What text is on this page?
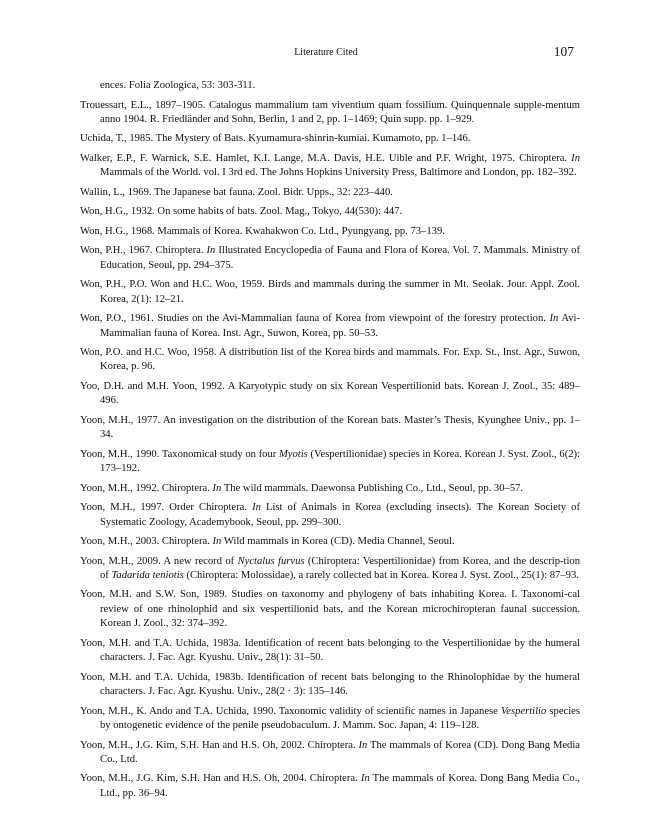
Literature Cited	107
ences. Folia Zoologica, 53: 303-311.
Trouessart, E.L., 1897–1905. Catalogus mammalium tam viventium quam fossilium. Quinquennale supple-mentum anno 1904. R. Friedländer and Sohn, Berlin, 1 and 2, pp. 1–1469; Quin supp. pp. 1–929.
Uchida, T., 1985. The Mystery of Bats. Kyumamura-shinrin-kumiai. Kumamoto, pp. 1–146.
Walker, E.P., F. Warnick, S.E. Hamlet, K.I. Lange, M.A. Davis, H.E. Uible and P.F. Wright, 1975. Chiroptera. In Mammals of the World. vol. I 3rd ed. The Johns Hopkins University Press, Baltimore and London, pp. 182–392.
Wallin, L., 1969. The Japanese bat fauna. Zool. Bidr. Upps., 32: 223–440.
Won, H.G., 1932. On some habits of bats. Zool. Mag., Tokyo, 44(530): 447.
Won, H.G., 1968. Mammals of Korea. Kwahakwon Co. Ltd., Pyungyang, pp. 73–139.
Won, P.H., 1967. Chiroptera. In Illustrated Encyclopedia of Fauna and Flora of Korea. Vol. 7. Mammals. Ministry of Education, Seoul, pp. 294–375.
Won, P.H., P.O. Won and H.C. Woo, 1959. Birds and mammals during the summer in Mt. Seolak. Jour. Appl. Zool. Korea, 2(1): 12–21.
Won, P.O., 1961. Studies on the Avi-Mammalian fauna of Korea from viewpoint of the forestry protection. In Avi-Mammalian fauna of Korea. Inst. Agr., Suwon, Korea, pp. 50–53.
Won, P.O. and H.C. Woo, 1958. A distribution list of the Korea birds and mammals. For. Exp. St., Inst. Agr., Suwon, Korea, p. 96.
Yoo, D.H. and M.H. Yoon, 1992. A Karyotypic study on six Korean Vespertilionid bats. Korean J. Zool., 35: 489–496.
Yoon, M.H., 1977. An investigation on the distribution of the Korean bats. Master’s Thesis, Kyunghee Univ., pp. 1–34.
Yoon, M.H., 1990. Taxonomical study on four Myotis (Vespertilionidae) species in Korea. Korean J. Syst. Zool., 6(2): 173–192.
Yoon, M.H., 1992. Chiroptera. In The wild mammals. Daewonsa Publishing Co., Ltd., Seoul, pp. 30–57.
Yoon, M.H., 1997. Order Chiroptera. In List of Animals in Korea (excluding insects). The Korean Society of Systematic Zoology, Academybook, Seoul, pp. 299–300.
Yoon, M.H., 2003. Chiroptera. In Wild mammals in Korea (CD). Media Channel, Seoul.
Yoon, M.H., 2009. A new record of Nyctalus furvus (Chiroptera: Vespertilionidae) from Korea, and the descrip-tion of Tadarida teniotis (Chiroptera: Molossidae), a rarely collected bat in Korea. Korea J. Syst. Zool., 25(1): 87–93.
Yoon, M.H. and S.W. Son, 1989. Studies on taxonomy and phylogeny of bats inhabiting Korea. I. Taxonomi-cal review of one rhinolophid and six vespertilionid bats, and the Korean microchiropteran faunal succession. Korean J. Zool., 32: 374–392.
Yoon, M.H. and T.A. Uchida, 1983a. Identification of recent bats belonging to the Vespertilionidae by the humeral characters. J. Fac. Agr. Kyushu. Univ., 28(1): 31–50.
Yoon, M.H. and T.A. Uchida, 1983b. Identification of recent bats belonging to the Rhinolophidae by the humeral characters. J. Fac. Agr. Kyushu. Univ., 28(2 · 3): 135–146.
Yoon, M.H., K. Ando and T.A. Uchida, 1990. Taxonomic validity of scientific names in Japanese Vespertilio species by ontogenetic evidence of the penile pseudobaculum. J. Mamm. Soc. Japan, 4: 119–128.
Yoon, M.H., J.G. Kim, S.H. Han and H.S. Oh, 2002. Chiroptera. In The mammals of Korea (CD). Dong Bang Media Co., Ltd.
Yoon, M.H., J.G. Kim, S.H. Han and H.S. Oh, 2004. Chiroptera. In The mammals of Korea. Dong Bang Media Co., Ltd., pp. 36–94.
